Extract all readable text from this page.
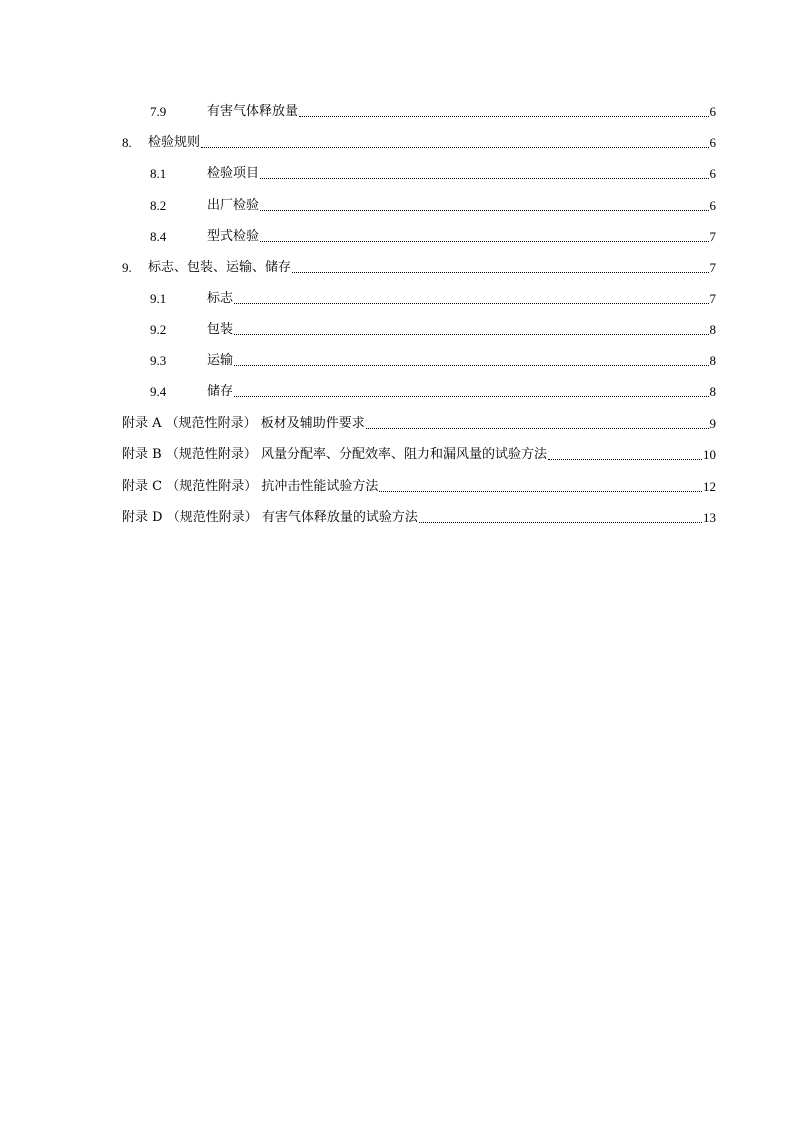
7.9	有害气体释放量	6
8.	检验规则	6
8.1	检验项目	6
8.2	出厂检验	6
8.4	型式检验	7
9.	标志、包装、运输、储存	7
9.1	标志	7
9.2	包装	8
9.3	运输	8
9.4	储存	8
附录 A （规范性附录） 板材及辅助件要求	9
附录 B （规范性附录） 风量分配率、分配效率、阻力和漏风量的试验方法	10
附录 C （规范性附录） 抗冲击性能试验方法	12
附录 D （规范性附录） 有害气体释放量的试验方法	13
